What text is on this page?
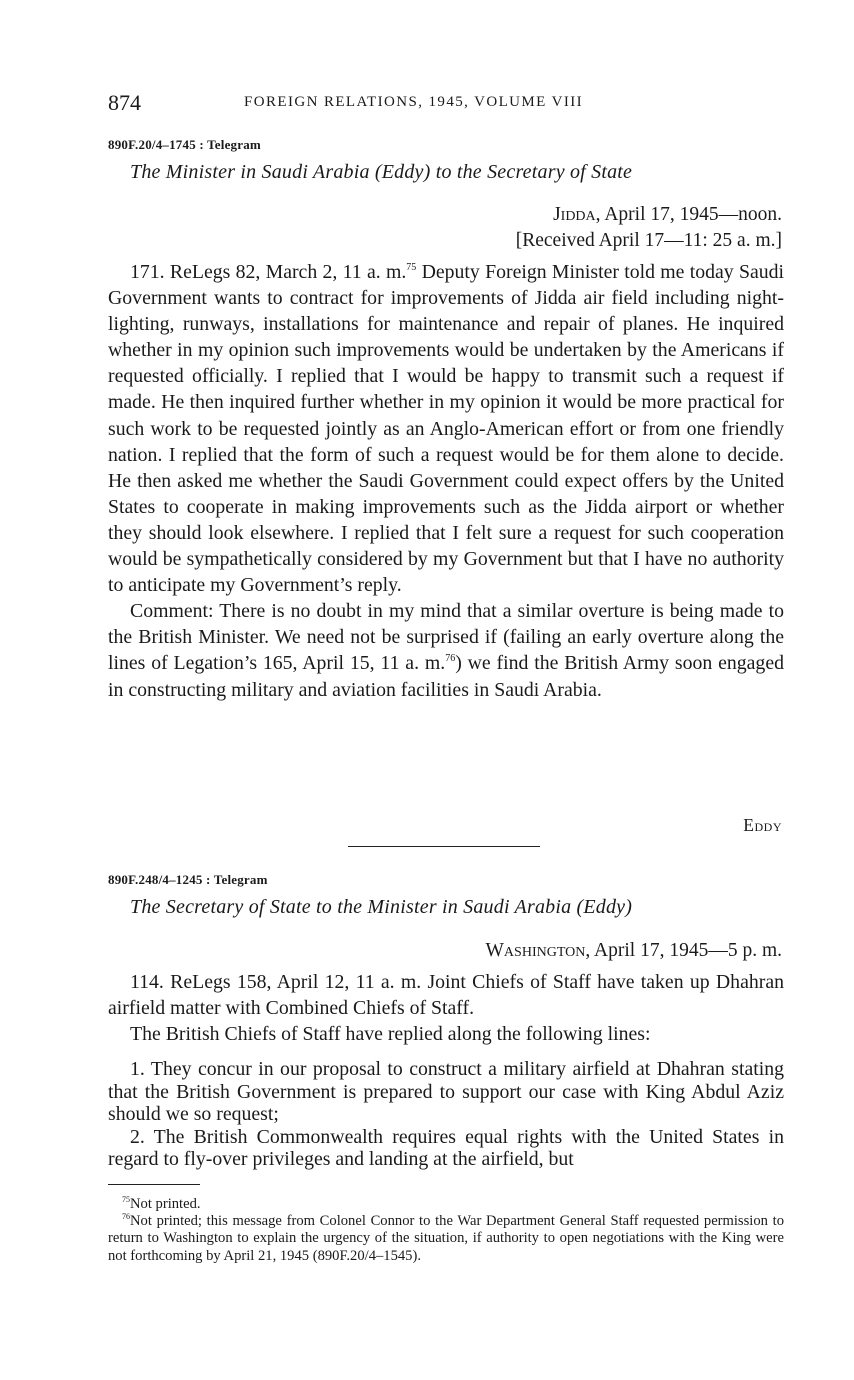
874	FOREIGN RELATIONS, 1945, VOLUME VIII
890F.20/4–1745 : Telegram
The Minister in Saudi Arabia (Eddy) to the Secretary of State
Jidda, April 17, 1945—noon.
[Received April 17—11: 25 a. m.]

171. ReLegs 82, March 2, 11 a. m.$^{75}$ Deputy Foreign Minister told me today Saudi Government wants to contract for improvements of Jidda air field including night-lighting, runways, installations for maintenance and repair of planes. He inquired whether in my opinion such improvements would be undertaken by the Americans if requested officially. I replied that I would be happy to transmit such a request if made. He then inquired further whether in my opinion it would be more practical for such work to be requested jointly as an Anglo-American effort or from one friendly nation. I replied that the form of such a request would be for them alone to decide. He then asked me whether the Saudi Government could expect offers by the United States to cooperate in making improvements such as the Jidda airport or whether they should look elsewhere. I replied that I felt sure a request for such cooperation would be sympathetically considered by my Government but that I have no authority to anticipate my Government’s reply.

Comment: There is no doubt in my mind that a similar overture is being made to the British Minister. We need not be surprised if (failing an early overture along the lines of Legation’s 165, April 15, 11 a. m.$^{76}$) we find the British Army soon engaged in constructing military and aviation facilities in Saudi Arabia.

Eddy
890F.248/4–1245 : Telegram
The Secretary of State to the Minister in Saudi Arabia (Eddy)
Washington, April 17, 1945—5 p. m.

114. ReLegs 158, April 12, 11 a. m. Joint Chiefs of Staff have taken up Dhahran airfield matter with Combined Chiefs of Staff.

The British Chiefs of Staff have replied along the following lines:

1. They concur in our proposal to construct a military airfield at Dhahran stating that the British Government is prepared to support our case with King Abdul Aziz should we so request;

2. The British Commonwealth requires equal rights with the United States in regard to fly-over privileges and landing at the airfield, but

$^{75}$Not printed.

$^{76}$Not printed; this message from Colonel Connor to the War Department General Staff requested permission to return to Washington to explain the urgency of the situation, if authority to open negotiations with the King were not forthcoming by April 21, 1945 (890F.20/4–1545).
